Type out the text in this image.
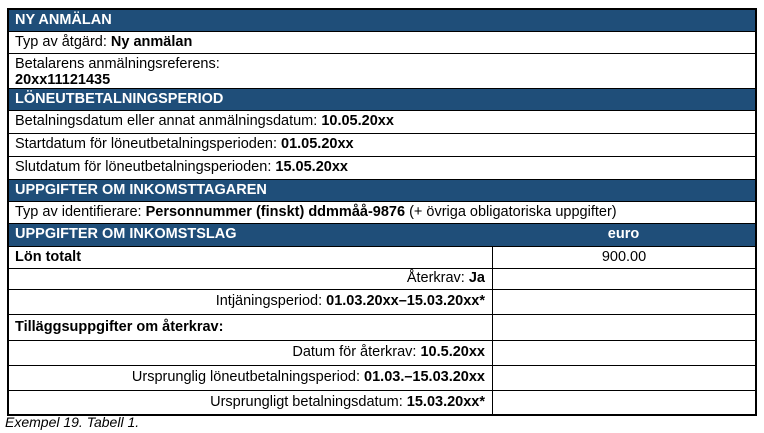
NY ANMÄLAN
Typ av åtgärd: Ny anmälan
Betalarens anmälningsreferens:
20xx11121435
LÖNEUTBETALNINGSPERIOD
Betalningsdatum eller annat anmälningsdatum: 10.05.20xx
Startdatum för löneutbetalningsperioden: 01.05.20xx
Slutdatum för löneutbetalningsperioden: 15.05.20xx
UPPGIFTER OM INKOMSTTAGAREN
Typ av identifierare: Personnummer (finskt) ddmmåå-9876 (+ övriga obligatoriska uppgifter)
UPPGIFTER OM INKOMSTSLAG	euro
Lön totalt	900.00
Återkrav: Ja
Intjäningsperiod: 01.03.20xx–15.03.20xx*
Tilläggsuppgifter om återkrav:
Datum för återkrav: 10.5.20xx
Ursprunglig löneutbetalningsperiod: 01.03.–15.03.20xx
Ursprungligt betalningsdatum: 15.03.20xx*
Exempel 19. Tabell 1.
